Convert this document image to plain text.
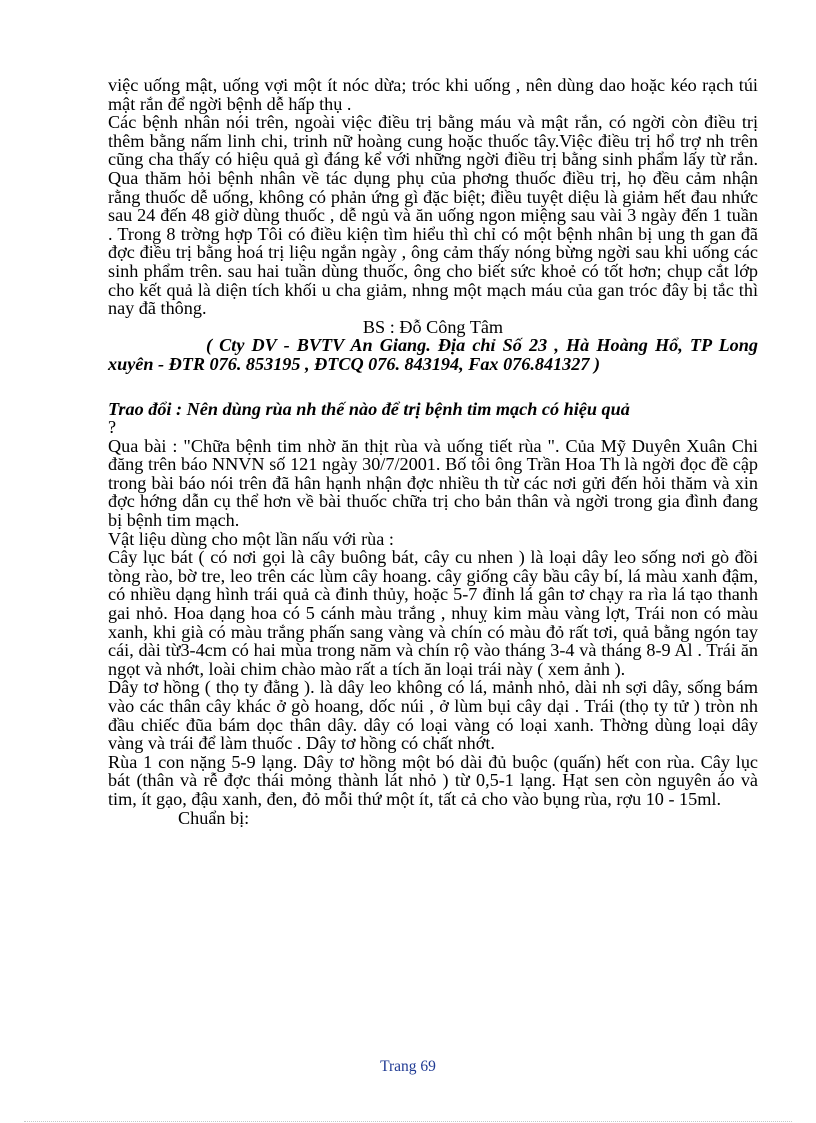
việc uống mật, uống vợi một ít nóc dừa; tróc khi uống , nên dùng dao hoặc kéo rạch túi mật rắn để ngời bệnh dễ hấp thụ .

Các bệnh nhân nói trên, ngoài việc điều trị bằng máu và mật rắn, có ngời còn điều trị thêm bằng nấm linh chi, trinh nữ hoàng cung hoặc thuốc tây.Việc điều trị hổ trợ nh trên cũng cha thấy có hiệu quả gì đáng kể với những ngời điều trị bằng sinh phẩm lấy từ rắn. Qua thăm hỏi bệnh nhân về tác dụng phụ của phơng thuốc điều trị, họ đều cảm nhận rằng thuốc dễ uống, không có phản ứng gì đặc biệt; điều tuyệt diệu là giảm hết đau nhức sau 24 đến 48 giờ dùng thuốc , dễ ngủ và ăn uống ngon miệng sau vài 3 ngày đến 1 tuần . Trong 8 trờng hợp Tôi có điều kiện tìm hiểu thì chỉ có một bệnh nhân bị ung th gan đã đợc điều trị bằng hoá trị liệu ngắn ngày , ông cảm thấy nóng bừng ngời sau khi uống các sinh phẩm trên. sau hai tuần dùng thuốc, ông cho biết sức khoẻ có tốt hơn; chụp cắt lớp cho kết quả là diện tích khối u cha giảm, nhng một mạch máu của gan tróc đây bị tắc thì nay đã thông.

BS : Đỗ Công Tâm

( Cty DV - BVTV An Giang. Địa chỉ Số 23 , Hà Hoàng Hổ, TP Long xuyên - ĐTR 076. 853195 , ĐTCQ 076. 843194, Fax 076.841327 )

Trao đổi : Nên dùng rùa nh thế nào để trị bệnh tim mạch có hiệu quả

?

Qua bài : "Chữa bệnh tim nhờ ăn thịt rùa và uống tiết rùa ". Của Mỹ Duyên Xuân Chi đăng trên báo NNVN số 121 ngày 30/7/2001. Bố tôi ông Trần Hoa Th là ngời đọc đề cập trong bài báo nói trên đã hân hạnh nhận đợc nhiều th từ các nơi gửi đến hỏi thăm và xin đợc hớng dẫn cụ thể hơn về bài thuốc chữa trị cho bản thân và ngời trong gia đình đang bị bệnh tim mạch.

Vật liệu dùng cho một lần nấu với rùa :

Cây lục bát ( có nơi gọi là cây buông bát, cây cu nhen ) là loại dây leo sống nơi gò đồi tòng rào, bờ tre, leo trên các lùm cây hoang. cây giống cây bầu cây bí, lá màu xanh đậm, có nhiều dạng hình trái quả cà đinh thủy, hoặc 5-7 đỉnh lá gân tơ chạy ra rìa lá tạo thanh gai nhỏ. Hoa dạng hoa có 5 cánh màu trắng , nhuỵ kim màu vàng lợt, Trái non có màu xanh, khi già có màu trắng phấn sang vàng và chín có màu đỏ rất tơi, quả bằng ngón tay cái, dài từ3-4cm có hai mùa trong năm và chín rộ vào tháng 3-4 và tháng 8-9 Al . Trái ăn ngọt và nhớt, loài chim chào mào rất a tích ăn loại trái này ( xem ảnh ).

Dây tơ hồng ( thọ ty đằng ). là dây leo không có lá, mảnh nhỏ, dài nh sợi dây, sống bám vào các thân cây khác ở gò hoang, dốc núi , ở lùm bụi cây dại . Trái (thọ ty tử ) tròn nh đầu chiếc đũa bám dọc thân dây. dây có loại vàng có loại xanh. Thờng dùng loại dây vàng và trái để làm thuốc . Dây tơ hồng có chất nhớt.

Rùa 1 con nặng 5-9 lạng. Dây tơ hồng một bó dài đủ buộc (quấn) hết con rùa. Cây lục bát (thân và rễ đợc thái mỏng thành lát nhỏ ) từ 0,5-1 lạng. Hạt sen còn nguyên áo và tim, ít gạo, đậu xanh, đen, đỏ mỗi thứ một ít, tất cả cho vào bụng rùa, rợu 10 - 15ml.

Chuẩn bị:

Trang 69
